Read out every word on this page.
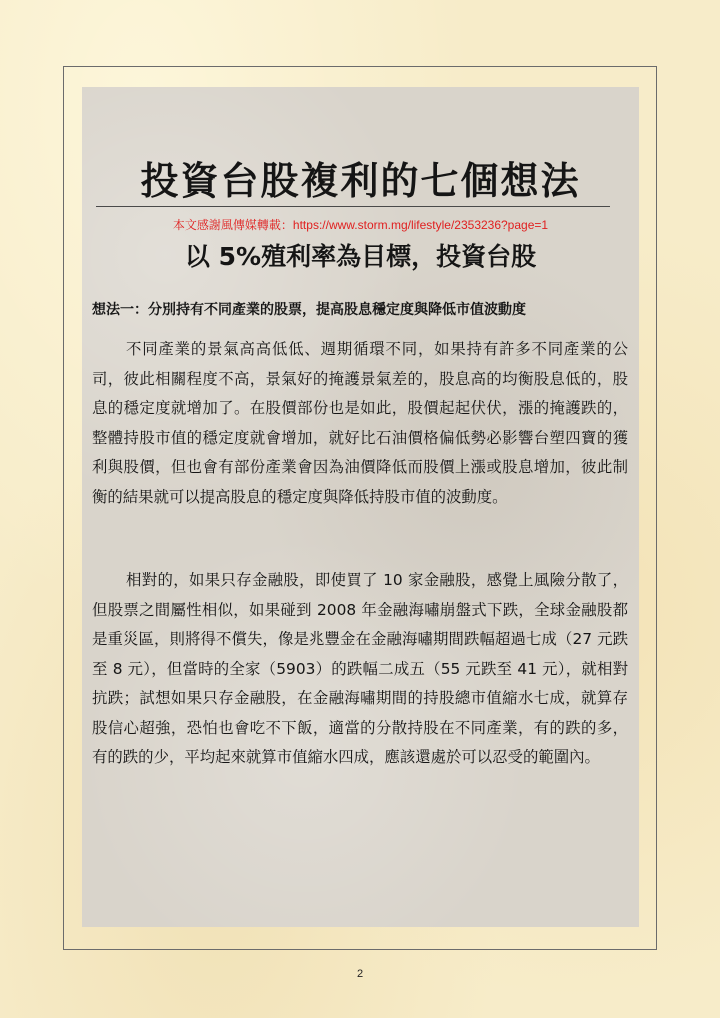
投資台股複利的七個想法
本文感謝風傳媒轉載：https://www.storm.mg/lifestyle/2353236?page=1
以 5%殖利率為目標，投資台股
想法一：分別持有不同產業的股票，提高股息穩定度與降低市值波動度

不同產業的景氣高高低低、週期循環不同，如果持有許多不同產業的公司，彼此相關程度不高，景氣好的掩護景氣差的，股息高的均衡股息低的，股息的穩定度就增加了。在股價部份也是如此，股價起起伏伏，漲的掩護跌的，整體持股市值的穩定度就會增加，就好比石油價格偏低勢必影響台塑四寶的獲利與股價，但也會有部份產業會因為油價降低而股價上漲或股息增加，彼此制衡的結果就可以提高股息的穩定度與降低持股市值的波動度。

相對的，如果只存金融股，即使買了 10 家金融股，感覺上風險分散了，但股票之間屬性相似，如果碰到 2008 年金融海嘯崩盤式下跌，全球金融股都是重災區，則將得不償失，像是兆豐金在金融海嘯期間跌幅超過七成（27 元跌至 8 元），但當時的全家（5903）的跌幅二成五（55 元跌至 41 元），就相對抗跌；試想如果只存金融股，在金融海嘯期間的持股總市值縮水七成，就算存股信心超強，恐怕也會吃不下飯，適當的分散持股在不同產業，有的跌的多，有的跌的少，平均起來就算市值縮水四成，應該還處於可以忍受的範圍內。

2
